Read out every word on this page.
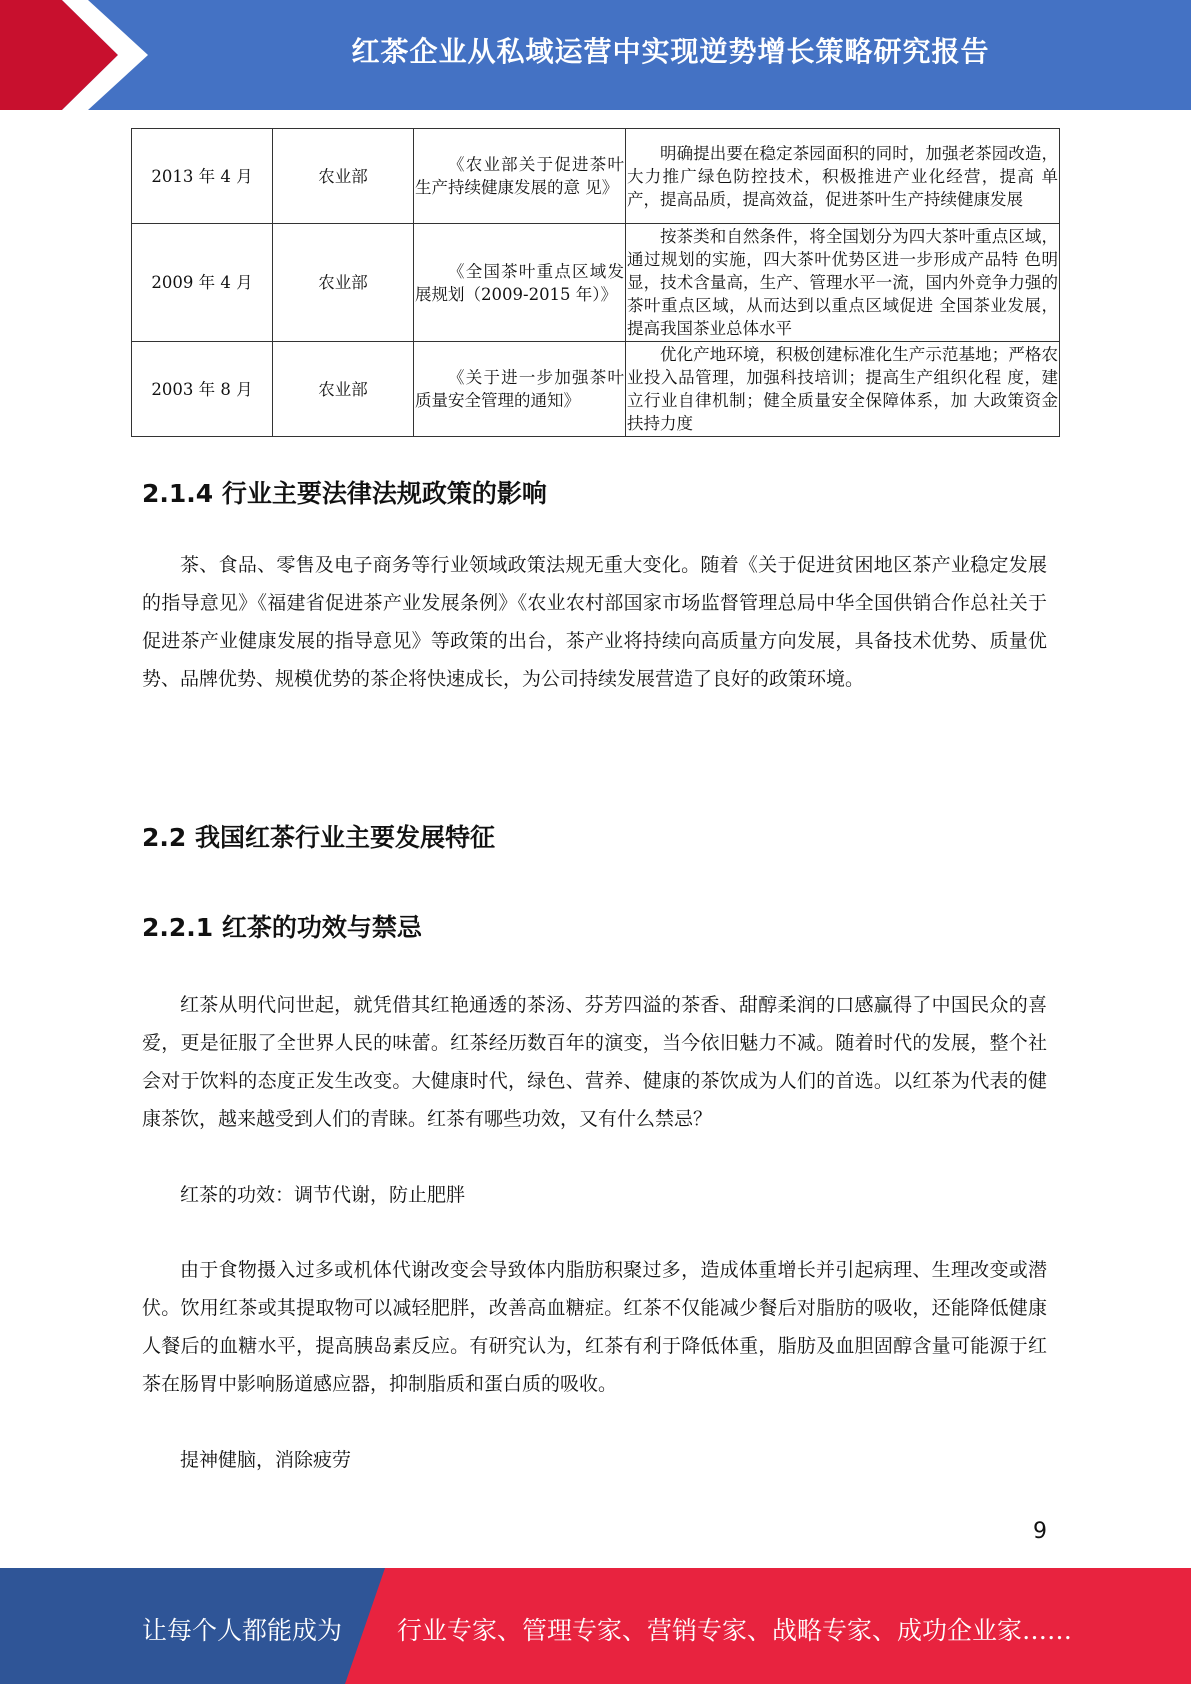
红茶企业从私域运营中实现逆势增长策略研究报告
2013 年 4 月	农业部	《农业部关于促进茶叶 生产持续健康发展的意 见》	明确提出要在稳定茶园面积的同时，加强老茶园改造， 大力推广绿色防控技术，积极推进产业化经营，提高 单产，提高品质，提高效益，促进茶叶生产持续健康发展
2009 年 4 月	农业部	《全国茶叶重点区域发 展规划（2009-2015 年）》	按茶类和自然条件，将全国划分为四大茶叶重点区域， 通过规划的实施，四大茶叶优势区进一步形成产品特 色明显，技术含量高，生产、管理水平一流，国内外竞争力强的茶叶重点区域，从而达到以重点区域促进 全国茶业发展，提高我国茶业总体水平
2003 年 8 月	农业部	《关于进一步加强茶叶 质量安全管理的通知》	优化产地环境，积极创建标准化生产示范基地；严格农业投入品管理，加强科技培训；提高生产组织化程 度，建立行业自律机制；健全质量安全保障体系，加 大政策资金扶持力度
2.1.4 行业主要法律法规政策的影响

茶、食品、零售及电子商务等行业领域政策法规无重大变化。随着《关于促进贫困地区茶产业稳定发展的指导意见》《福建省促进茶产业发展条例》《农业农村部国家市场监督管理总局中华全国供销合作总社关于促进茶产业健康发展的指导意见》等政策的出台，茶产业将持续向高质量方向发展，具备技术优势、质量优势、品牌优势、规模优势的茶企将快速成长，为公司持续发展营造了良好的政策环境。

2.2 我国红茶行业主要发展特征
2.2.1 红茶的功效与禁忌

红茶从明代问世起，就凭借其红艳通透的茶汤、芬芳四溢的茶香、甜醇柔润的口感赢得了中国民众的喜爱，更是征服了全世界人民的味蕾。红茶经历数百年的演变，当今依旧魅力不减。随着时代的发展，整个社会对于饮料的态度正发生改变。大健康时代，绿色、营养、健康的茶饮成为人们的首选。以红茶为代表的健康茶饮，越来越受到人们的青睐。红茶有哪些功效，又有什么禁忌？

红茶的功效：调节代谢，防止肥胖

由于食物摄入过多或机体代谢改变会导致体内脂肪积聚过多，造成体重增长并引起病理、生理改变或潜伏。饮用红茶或其提取物可以减轻肥胖，改善高血糖症。红茶不仅能减少餐后对脂肪的吸收，还能降低健康人餐后的血糖水平，提高胰岛素反应。有研究认为，红茶有利于降低体重，脂肪及血胆固醇含量可能源于红茶在肠胃中影响肠道感应器，抑制脂质和蛋白质的吸收。

提神健脑，消除疲劳

9
让每个人都能成为 行业专家、管理专家、营销专家、战略专家、成功企业家……
